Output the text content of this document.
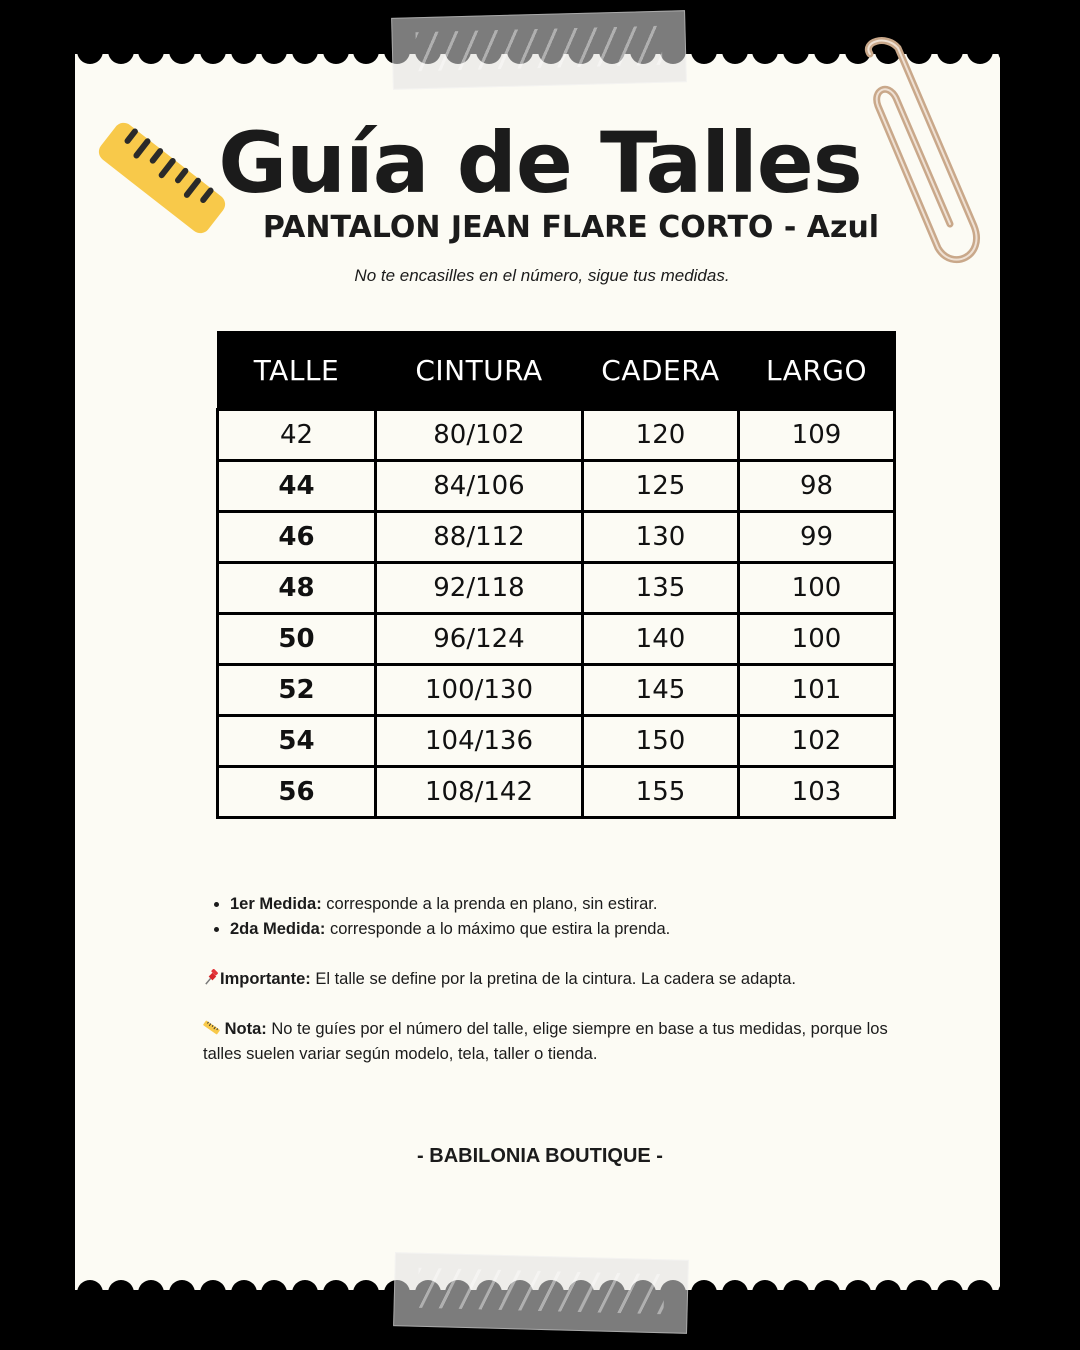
Guía de Talles
PANTALON JEAN FLARE CORTO - Azul
No te encasilles en el número, sigue tus medidas.
TALLE	CINTURA	CADERA	LARGO
42	80/102	120	109
44	84/106	125	98
46	88/112	130	99
48	92/118	135	100
50	96/124	140	100
52	100/130	145	101
54	104/136	150	102
56	108/142	155	103
• 1er Medida: corresponde a la prenda en plano, sin estirar.
• 2da Medida: corresponde a lo máximo que estira la prenda.

Importante: El talle se define por la pretina de la cintura. La cadera se adapta.

Nota: No te guíes por el número del talle, elige siempre en base a tus medidas, porque los talles suelen variar según modelo, tela, taller o tienda.

- BABILONIA BOUTIQUE -
